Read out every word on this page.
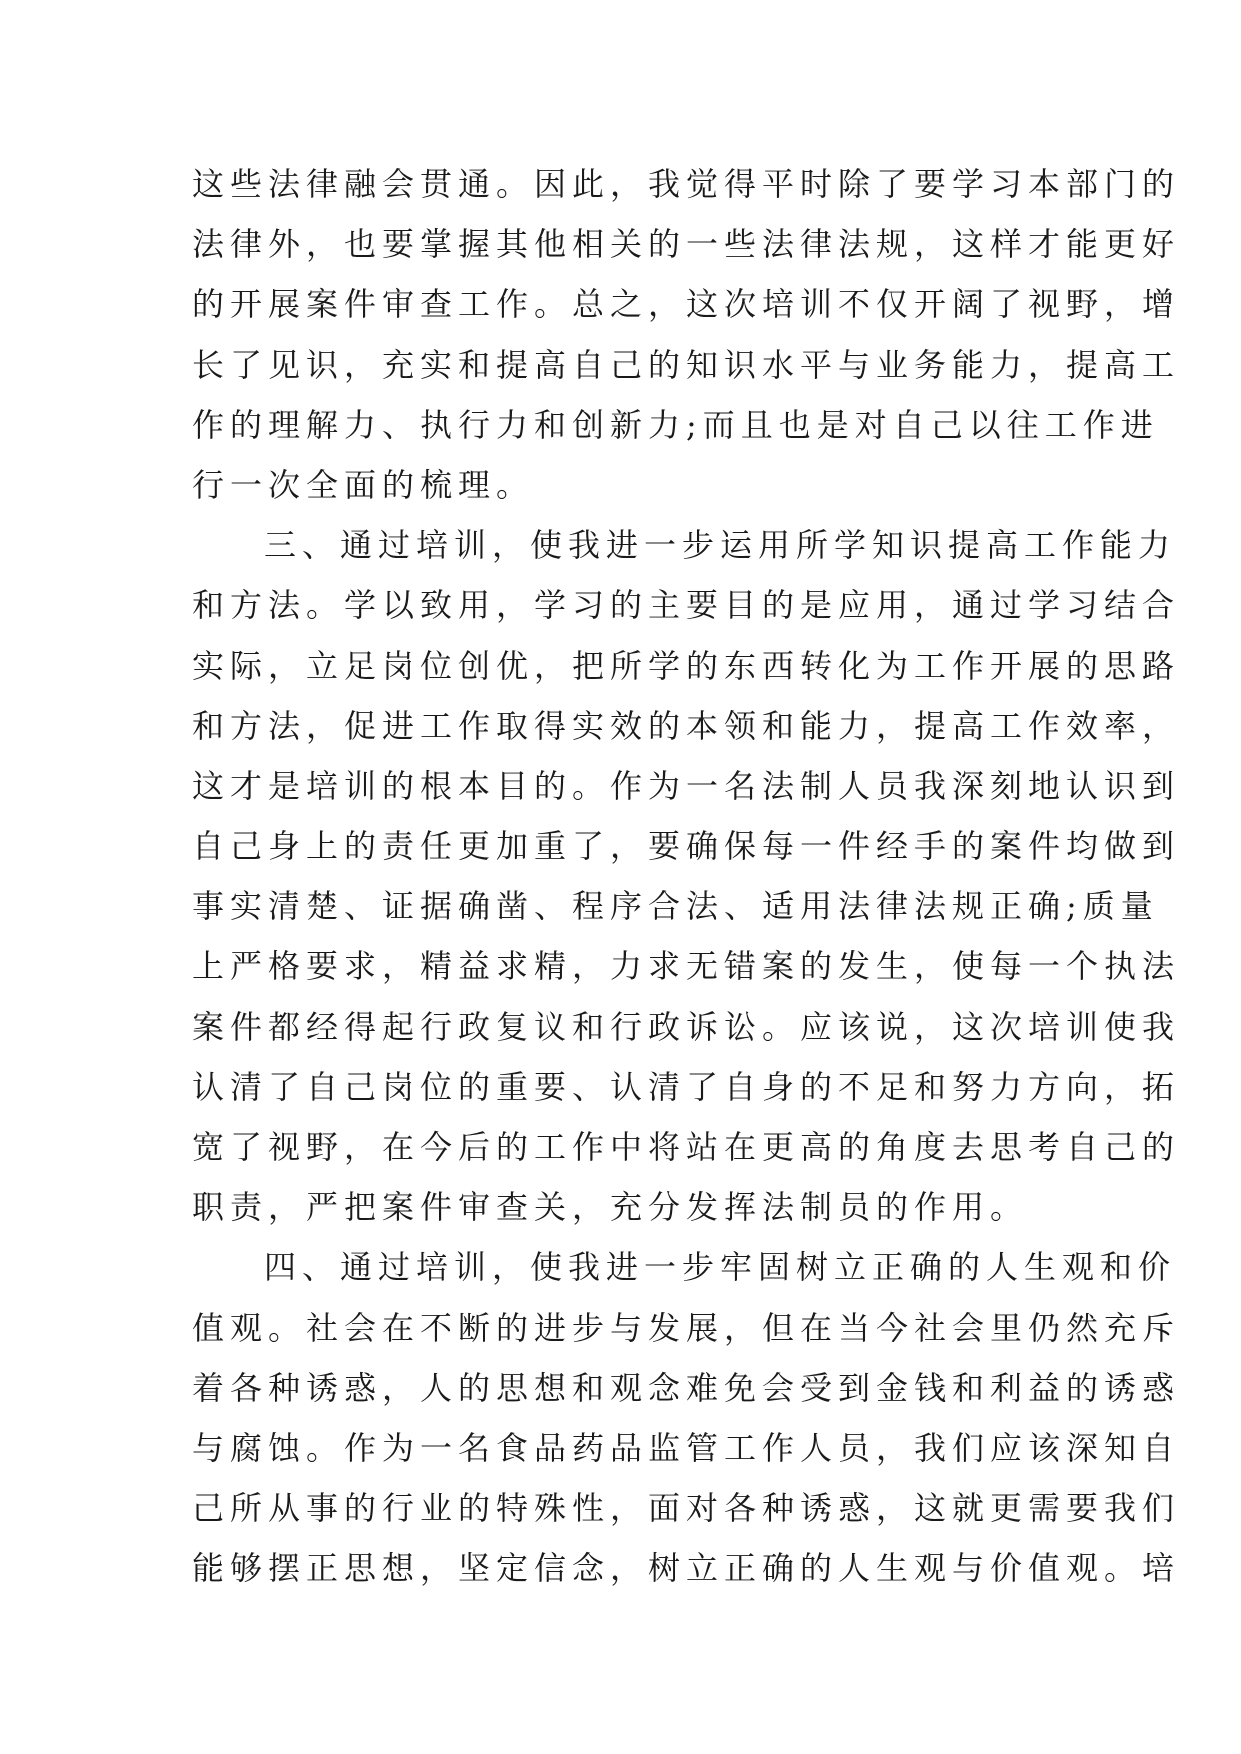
这些法律融会贯通。因此，我觉得平时除了要学习本部门的
法律外，也要掌握其他相关的一些法律法规，这样才能更好
的开展案件审查工作。总之，这次培训不仅开阔了视野，增
长了见识，充实和提高自己的知识水平与业务能力，提高工
作的理解力、执行力和创新力;而且也是对自己以往工作进
行一次全面的梳理。
三、通过培训，使我进一步运用所学知识提高工作能力
和方法。学以致用，学习的主要目的是应用，通过学习结合
实际，立足岗位创优，把所学的东西转化为工作开展的思路
和方法，促进工作取得实效的本领和能力，提高工作效率，
这才是培训的根本目的。作为一名法制人员我深刻地认识到
自己身上的责任更加重了，要确保每一件经手的案件均做到
事实清楚、证据确凿、程序合法、适用法律法规正确;质量
上严格要求，精益求精，力求无错案的发生，使每一个执法
案件都经得起行政复议和行政诉讼。应该说，这次培训使我
认清了自己岗位的重要、认清了自身的不足和努力方向，拓
宽了视野，在今后的工作中将站在更高的角度去思考自己的
职责，严把案件审查关，充分发挥法制员的作用。
四、通过培训，使我进一步牢固树立正确的人生观和价
值观。社会在不断的进步与发展，但在当今社会里仍然充斥
着各种诱惑，人的思想和观念难免会受到金钱和利益的诱惑
与腐蚀。作为一名食品药品监管工作人员，我们应该深知自
己所从事的行业的特殊性，面对各种诱惑，这就更需要我们
能够摆正思想，坚定信念，树立正确的人生观与价值观。培
